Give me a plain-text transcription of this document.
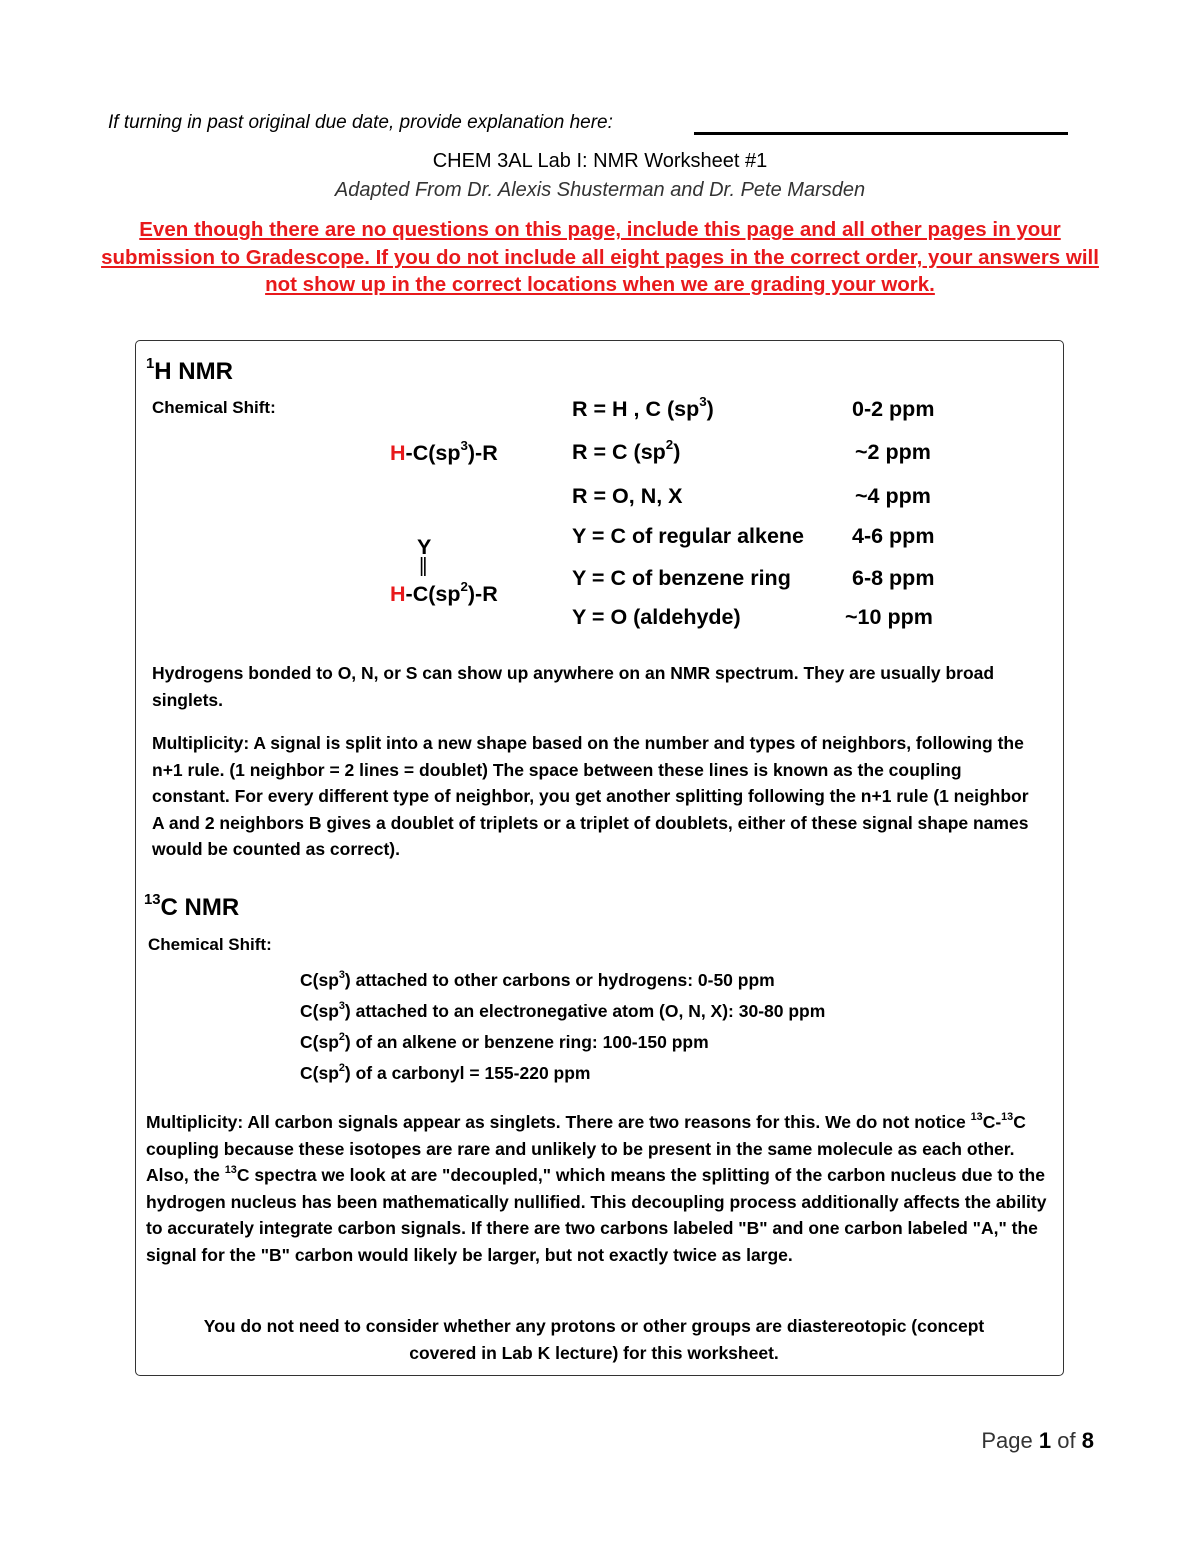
If turning in past original due date, provide explanation here:
CHEM 3AL Lab I: NMR Worksheet #1
Adapted From Dr. Alexis Shusterman and Dr. Pete Marsden
Even though there are no questions on this page, include this page and all other pages in your submission to Gradescope. If you do not include all eight pages in the correct order, your answers will not show up in the correct locations when we are grading your work.
$^1$H NMR
Chemical Shift:
$H-C(sp^3)-R$
Y
||
$H-C(sp^2)-R$
R = H , C $(sp^3)$	0-2 ppm
R = C $(sp^2)$	~2 ppm
R = O, N, X	~4 ppm
Y = C of regular alkene 4-6 ppm
Y = C of benzene ring	6-8 ppm
Y = O (aldehyde)	~10 ppm
Hydrogens bonded to O, N, or S can show up anywhere on an NMR spectrum. They are usually broad singlets.
Multiplicity: A signal is split into a new shape based on the number and types of neighbors, following the n+1 rule. (1 neighbor = 2 lines = doublet) The space between these lines is known as the coupling constant. For every different type of neighbor, you get another splitting following the n+1 rule (1 neighbor A and 2 neighbors B gives a doublet of triplets or a triplet of doublets, either of these signal shape names would be counted as correct).
$^{13}$C NMR
Chemical Shift:
$C(sp^3)$ attached to other carbons or hydrogens: 0-50 ppm
$C(sp^3)$ attached to an electronegative atom (O, N, X): 30-80 ppm
$C(sp^2)$ of an alkene or benzene ring: 100-150 ppm
$C(sp^2)$ of a carbonyl = 155-220 ppm
Multiplicity: All carbon signals appear as singlets. There are two reasons for this. We do not notice $^{13}$C-$^{13}$C coupling because these isotopes are rare and unlikely to be present in the same molecule as each other. Also, the $^{13}$C spectra we look at are "decoupled," which means the splitting of the carbon nucleus due to the hydrogen nucleus has been mathematically nullified. This decoupling process additionally affects the ability to accurately integrate carbon signals. If there are two carbons labeled "B" and one carbon labeled "A," the signal for the "B" carbon would likely be larger, but not exactly twice as large.
You do not need to consider whether any protons or other groups are diastereotopic (concept covered in Lab K lecture) for this worksheet.
Page 1 of 8
